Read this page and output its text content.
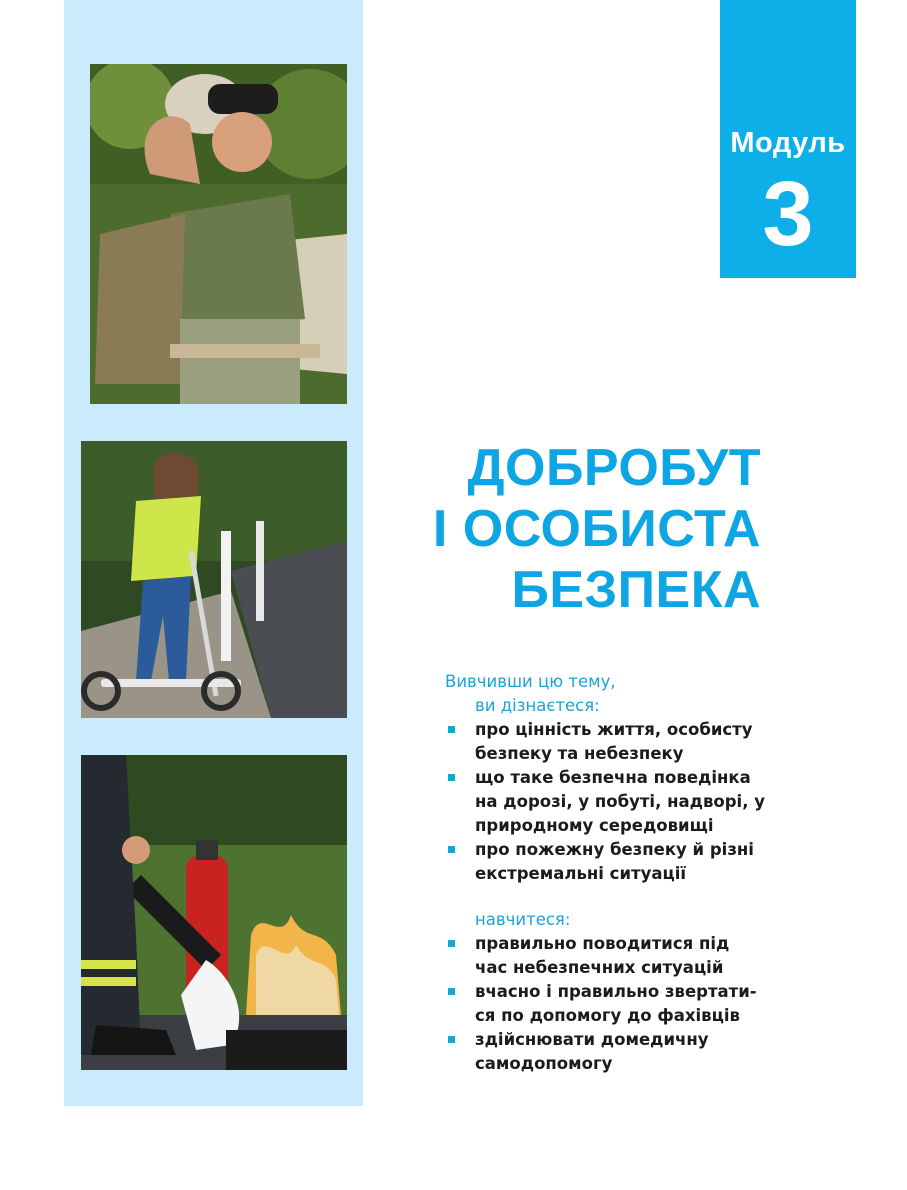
Модуль
3
ДОБРОБУТ
І ОСОБИСТА
БЕЗПЕКА
Вивчивши цю тему,
ви дізнаєтеся:
про цінність життя, особисту безпеку та небезпеку
що таке безпечна поведінка на дорозі, у побуті, надворі, у природному середовищі
про пожежну безпеку й різні екстремальні ситуації
навчитеся:
правильно поводитися під час небезпечних ситуацій
вчасно і правильно звертати-ся по допомогу до фахівців
здійснювати домедичну самодопомогу
